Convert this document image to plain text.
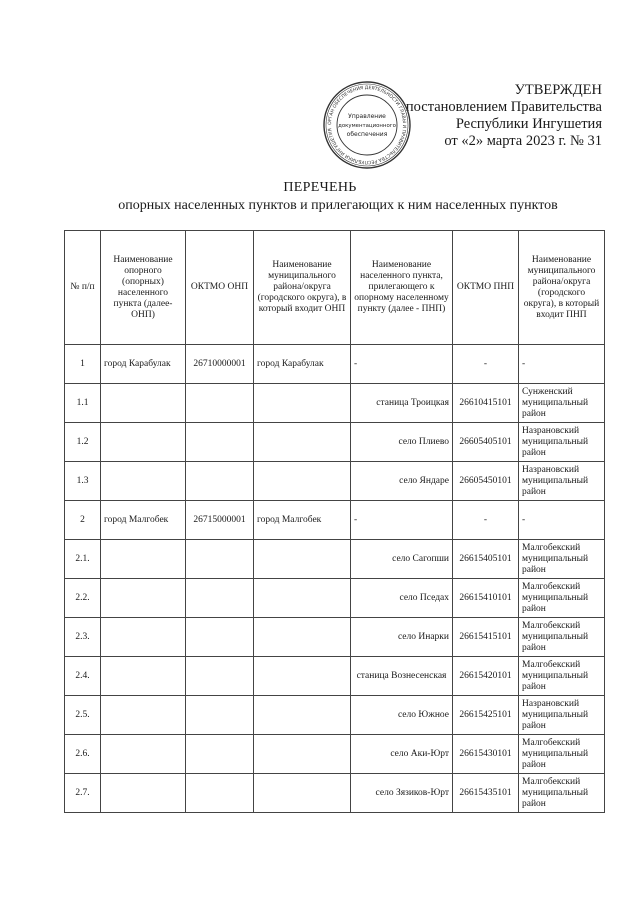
УТВЕРЖДЕН
постановлением Правительства
Республики Ингушетия
от «2» марта 2023 г. № 31
ОРГАН ОБЕСПЕЧЕНИЯ ДЕЯТЕЛЬНОСТИ ГЛАВЫ И ПРАВИТЕЛЬСТВА РЕСПУБЛИКИ ИНГУШЕТИЯ
Управление
документационного
обеспечения
ПЕРЕЧЕНЬ
опорных населенных пунктов и прилегающих к ним населенных пунктов
№ п/п	Наименование опорного (опорных) населенного пункта (далее- ОНП)	ОКТМО ОНП	Наименование муниципального района/округа (городского округа), в который входит ОНП	Наименование населенного пункта, прилегающего к опорному населенному пункту (далее - ПНП)	ОКТМО ПНП	Наименование муниципального района/округа (городского округа), в который входит ПНП
1	город Карабулак	26710000001	город Карабулак	-	-	-
1.1				станица Троицкая	26610415101	Сунженский муниципальный район
1.2				село Плиево	26605405101	Назрановский муниципальный район
1.3				село Яндаре	26605450101	Назрановский муниципальный район
2	город Малгобек	26715000001	город Малгобек	-	-	-
2.1.				село Сагопши	26615405101	Малгобекский муниципальный район
2.2.				село Пседах	26615410101	Малгобекский муниципальный район
2.3.				село Инарки	26615415101	Малгобекский муниципальный район
2.4.				станица Вознесенская	26615420101	Малгобекский муниципальный район
2.5.				село Южное	26615425101	Назрановский муниципальный район
2.6.				село Аки-Юрт	26615430101	Малгобекский муниципальный район
2.7.				село Зязиков-Юрт	26615435101	Малгобекский муниципальный район
